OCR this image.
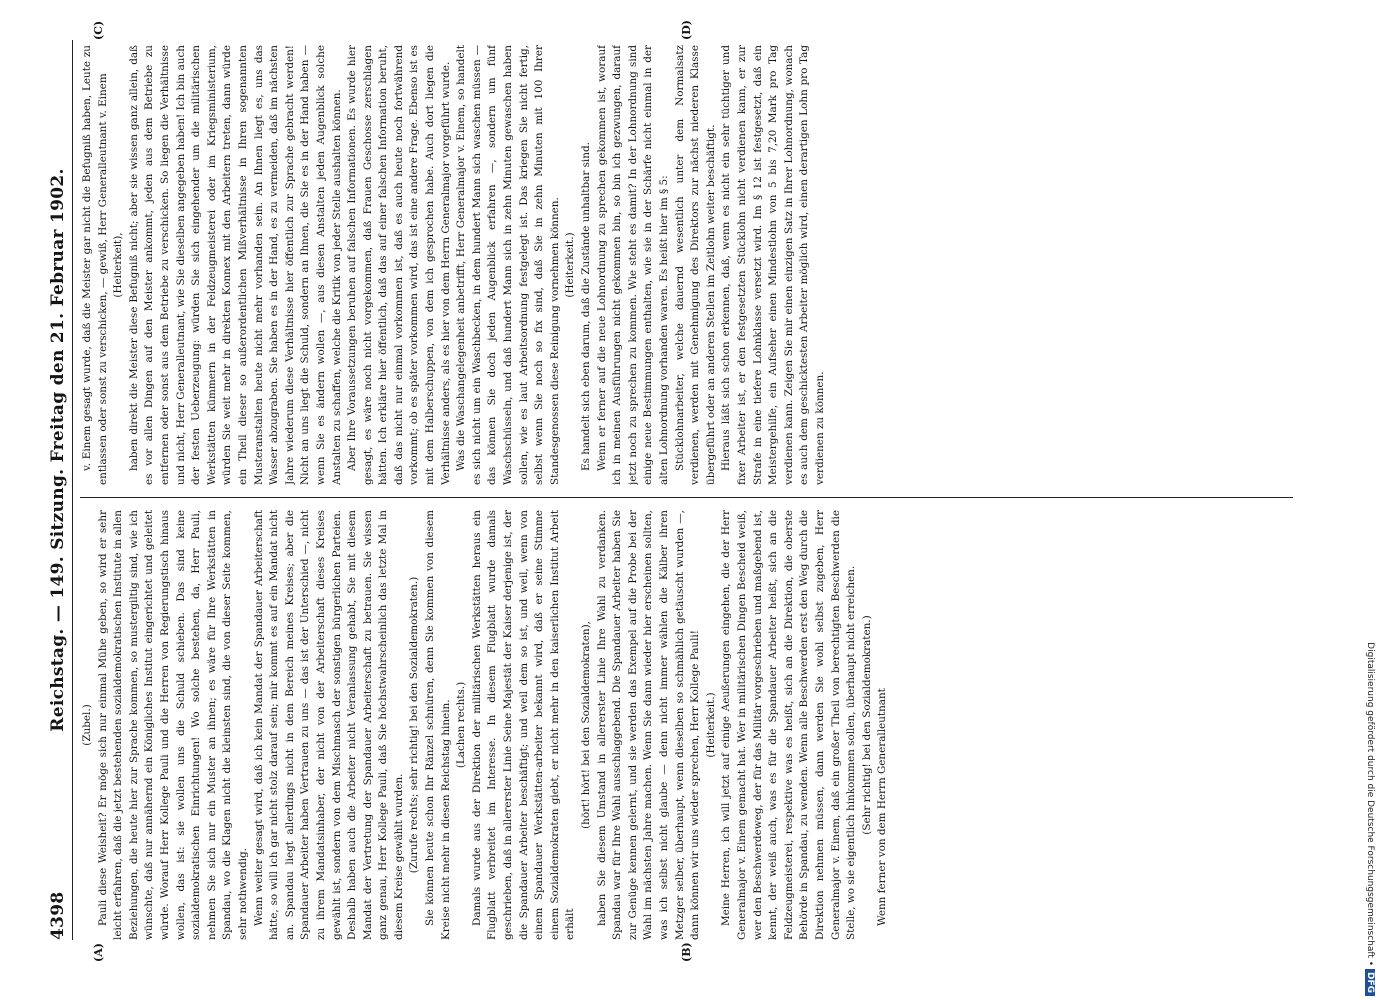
4398
Reichstag. — 149. Sitzung. Freitag den 21. Februar 1902.
(A)	(B)
(C)	(D)

(Zubel.) Pauli diese Weisheit? Er möge sich nur einmal Mühe geben, so wird er sehr leicht erfahren, daß die jetzt bestehenden sozialdemokratischen Institute in allen Beziehungen, die heute hier zur Sprache kommen, so mustergiltig sind, wie ich wünschte, daß nur annähernd ein Königliches Institut eingerichtet und geleitet würde. Worauf Herr Kollege Pauli und die Herren von Regierungstisch hinaus wollen, das ist: sie wollen uns die Schuld schieben. Das sind keine sozialdemokratischen Einrichtungen! Wo solche bestehen, da, Herr Pauli, nehmen Sie sich nur ein Muster an ihnen; es wäre für Ihre Werkstätten in Spandau, wo die Klagen nicht die kleinsten sind, die von dieser Seite kommen, sehr nothwendig. Wenn weiter gesagt wird, daß ich kein Mandat der Spandauer Arbeiterschaft hätte, so will ich gar nicht stolz darauf sein; mir kommt es auf ein Mandat nicht an. Spandau liegt allerdings nicht in dem Bereich meines Kreises; aber die Spandauer Arbeiter haben Vertrauen zu uns — das ist der Unterschied —, nicht zu ihrem Mandatsinhaber, der nicht von der Arbeiterschaft dieses Kreises gewählt ist, sondern von dem Mischmasch der sonstigen bürgerlichen Parteien. Deshalb haben auch die Arbeiter nicht Veranlassung gehabt, Sie mit diesem Mandat der Vertretung der Spandauer Arbeiterschaft zu betrauen. Sie wissen ganz genau, Herr Kollege Pauli, daß Sie höchstwahrscheinlich das letzte Mal in diesem Kreise gewählt wurden. (Zurufe rechts; sehr richtig! bei den Sozialdemokraten.) Sie können heute schon Ihr Ränzel schnüren, denn Sie kommen von diesem Kreise nicht mehr in diesen Reichstag hinein. (Lachen rechts.) Damals wurde aus der Direktion der militärischen Werkstätten heraus ein Flugblatt verbreitet im Interesse. In diesem Flugblatt wurde damals geschrieben, daß in allererster Linie Seine Majestät der Kaiser derjenige ist, der die Spandauer Arbeiter beschäftigt; und weil dem so ist, und weil, wenn von einem Spandauer Werkstätten-arbeiter bekannt wird, daß er seine Stimme einem Sozialdemokraten giebt, er nicht mehr in den kaiserlichen Institut Arbeit erhält

(hört! hört! bei den Sozialdemokraten), haben Sie diesem Umstand in allererster Linie Ihre Wahl zu verdanken. Spandau war für Ihre Wahl ausschlaggebend. Die Spandauer Arbeiter haben Sie zur Genüge kennen gelernt, und sie werden das Exempel auf die Probe bei der Wahl im nächsten Jahre machen. Wenn Sie dann wieder hier erscheinen sollten, was ich selbst nicht glaube — denn nicht immer wählen die Kälber ihren Metzger selber, überhaupt, wenn dieselben so schmählich getäuscht wurden —, dann können wir uns wieder sprechen, Herr Kollege Pauli! (Heiterkeit.) Meine Herren, ich will jetzt auf einige Aeußerungen eingehen, die der Herr Generalmajor v. Einem gemacht hat. Wer in militärischen Dingen Bescheid weiß, wer den Beschwerdeweg, der für das Militär vorgeschrieben und maßgebend ist, kennt, der weiß auch, was es für die Spandauer Arbeiter heißt, sich an die Feldzeugmeisterei, respektive was es heißt, sich an die Direktion, die oberste Behörde in Spandau, zu wenden. Wenn alle Beschwerden erst den Weg durch die Direktion nehmen müssen, dann werden Sie wohl selbst zugeben, Herr Generalmajor v. Einem, daß ein großer Theil von berechtigten Beschwerden die Stelle, wo sie eigentlich hinkommen sollen, überhaupt nicht erreichen. (Sehr richtig! bei den Sozialdemokraten.) Wenn ferner von dem Herrn Generalleutnant

v. Einem gesagt wurde, daß die Meister gar nicht die Befugniß haben, Leute zu entlassen oder sonst zu verschicken, — gewiß, Herr Generalleutnant v. Einem (Heiterkeit), haben direkt die Meister diese Befugniß nicht; aber sie wissen ganz allein, daß es vor allen Dingen auf den Meister ankommt, jeden aus dem Betriebe zu entfernen oder sonst aus dem Betriebe zu verschicken. So liegen die Verhältnisse und nicht, Herr Generalleutnant, wie Sie dieselben angegeben haben! Ich bin auch der festen Ueberzeugung: würden Sie sich eingehender um die militärischen Werkstätten kümmern in der Feldzeugmeisterei oder im Kriegsministerium, würden Sie weit mehr in direkten Konnex mit den Arbeitern treten, dann würde ein Theil dieser so außerordentlichen Mißverhältnisse in Ihren sogenannten Musteranstalten heute nicht mehr vorhanden sein. An Ihnen liegt es, uns das Wasser abzugraben. Sie haben es in der Hand, es zu vermeiden, daß im nächsten Jahre wiederum diese Verhältnisse hier öffentlich zur Sprache gebracht werden! Nicht an uns liegt die Schuld, sondern an Ihnen, die Sie es in der Hand haben — wenn Sie es ändern wollen —, aus diesen Anstalten jeden Augenblick solche Anstalten zu schaffen, welche die Kritik von jeder Stelle aushalten können. Aber Ihre Voraussetzungen beruhen auf falschen Informationen. Es wurde hier gesagt, es wäre noch nicht vorgekommen, daß Frauen Geschosse zerschlagen hätten. Ich erkläre hier öffentlich, daß das auf einer falschen Information beruht, daß das nicht nur einmal vorkommen ist, daß es auch heute noch fortwährend vorkommt; ob es später vorkommen wird, das ist eine andere Frage. Ebenso ist es mit dem Halberschuppen, von dem ich gesprochen habe. Auch dort liegen die Verhältnisse anders, als es hier von dem Herrn Generalmajor vorgeführt wurde. Was die Waschangelegenheit anbetrifft, Herr Generalmajor v. Einem, so handelt es sich nicht um ein Waschbecken, in dem hundert Mann sich waschen müssen — das können Sie doch jeden Augenblick erfahren —, sondern um fünf Waschschüsseln, und daß hundert Mann sich in zehn Minuten gewaschen haben sollen, wie es laut Arbeitsordnung festgelegt ist. Das kriegen Sie nicht fertig, selbst wenn Sie noch so fix sind, daß Sie in zehn Minuten mit 100 Ihrer Standesgenossen diese Reinigung vornehmen können. (Heiterkeit.) Es handelt sich eben darum, daß die Zustände unhaltbar sind. Wenn er ferner auf die neue Lohnordnung zu sprechen gekommen ist, worauf ich in meinen Ausführungen nicht gekommen bin, so bin ich gezwungen, darauf jetzt noch zu sprechen zu kommen. Wie steht es damit? In der Lohnordnung sind einige neue Bestimmungen enthalten, wie sie in der Schärfe nicht einmal in der alten Lohnordnung vorhanden waren. Es heißt hier im § 5: Stücklohnarbeiter, welche dauernd wesentlich unter dem Normalsatz verdienen, werden mit Genehmigung des Direktors zur nächst niederen Klasse übergeführt oder an anderen Stellen im Zeitlohn weiter beschäftigt. Hieraus läßt sich schon erkennen, daß, wenn es nicht ein sehr tüchtiger und fixer Arbeiter ist, er den festgesetzten Stücklohn nicht verdienen kann, er zur Strafe in eine tiefere Lohnklasse versetzt wird. Im § 12 ist festgesetzt, daß ein Meistergehilfe, ein Aufseher einen Mindestlohn von 5 bis 7,20 Mark pro Tag verdienen kann. Zeigen Sie mir einen einzigen Satz in Ihrer Lohnordnung, wonach es auch dem geschicktesten Arbeiter möglich wird, einen derartigen Lohn pro Tag verdienen zu können.

Digitalisierung gefördert durch die Deutsche Forschungsgemeinschaft • DFG
